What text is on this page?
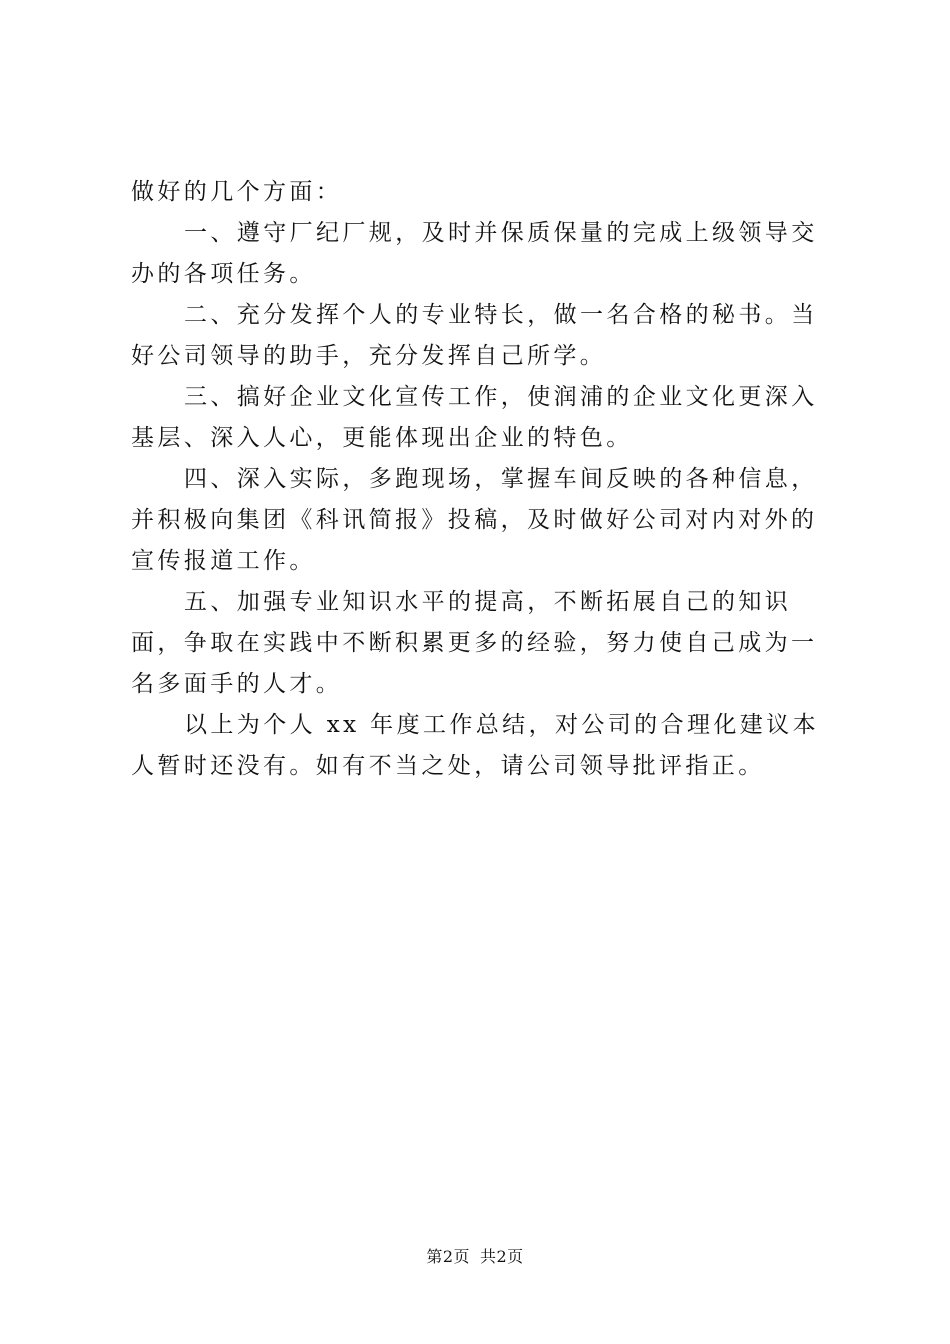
做好的几个方面：

一、遵守厂纪厂规，及时并保质保量的完成上级领导交办的各项任务。

二、充分发挥个人的专业特长，做一名合格的秘书。当好公司领导的助手，充分发挥自己所学。

三、搞好企业文化宣传工作，使润浦的企业文化更深入基层、深入人心，更能体现出企业的特色。

四、深入实际，多跑现场，掌握车间反映的各种信息，并积极向集团《科讯简报》投稿，及时做好公司对内对外的宣传报道工作。

五、加强专业知识水平的提高，不断拓展自己的知识面，争取在实践中不断积累更多的经验，努力使自己成为一名多面手的人才。

以上为个人 xx 年度工作总结，对公司的合理化建议本人暂时还没有。如有不当之处，请公司领导批评指正。

第2页 共2页
